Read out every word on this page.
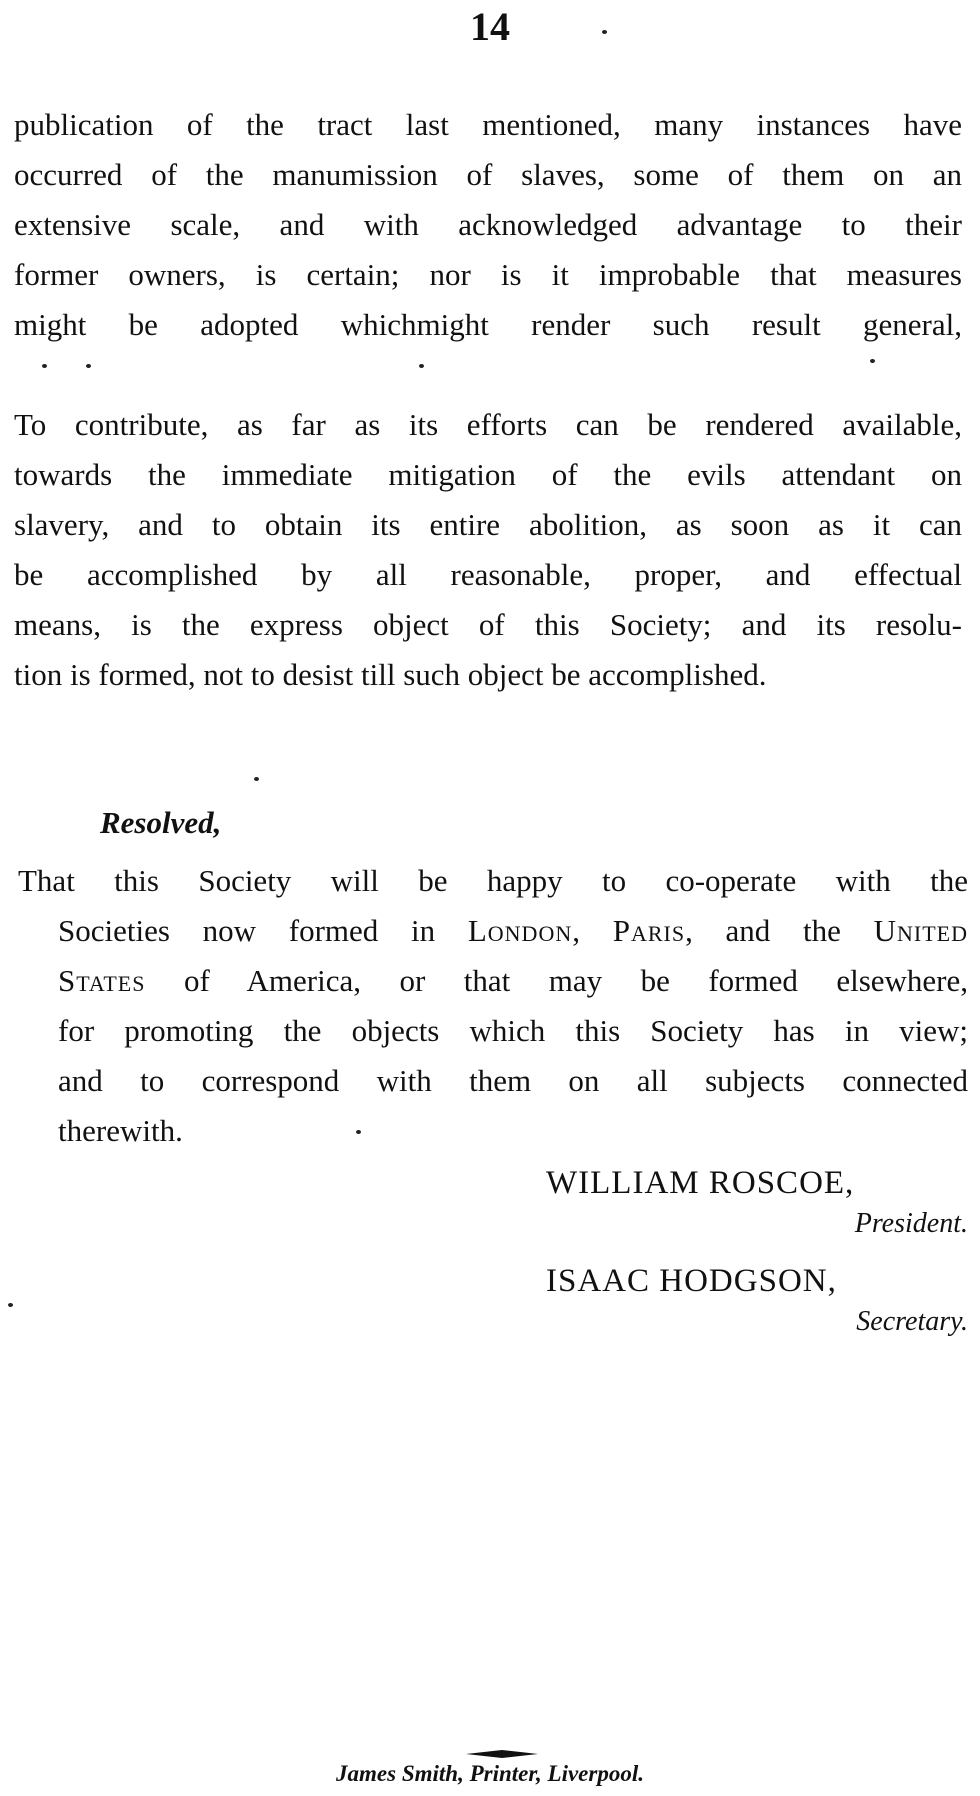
14
publication of the tract last mentioned, many instances have
occurred of the manumission of slaves, some of them on an
extensive scale, and with acknowledged advantage to their
former owners, is certain; nor is it improbable that measures
might be adopted whichmight render such result general,
To contribute, as far as its efforts can be rendered available,
towards the immediate mitigation of the evils attendant on
slavery, and to obtain its entire abolition, as soon as it can
be accomplished by all reasonable, proper, and effectual
means, is the express object of this Society; and its resolu-
tion is formed, not to desist till such object be accomplished.
Resolved,
That this Society will be happy to co-operate with the
Societies now formed in London, Paris, and the United
States of America, or that may be formed elsewhere,
for promoting the objects which this Society has in view;
and to correspond with them on all subjects connected
therewith.
WILLIAM ROSCOE,
President.
ISAAC HODGSON,
Secretary.
James Smith, Printer, Liverpool.
